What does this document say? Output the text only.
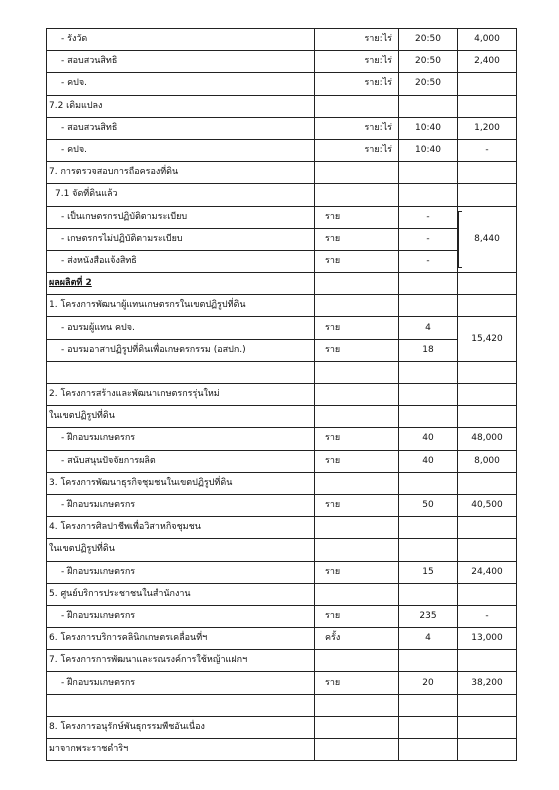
- รังวัด	ราย:ไร่	20:50	4,000
- สอบสวนสิทธิ	ราย:ไร่	20:50	2,400
- คปจ.	ราย:ไร่	20:50	
7.2 เดิมแปลง			
- สอบสวนสิทธิ	ราย:ไร่	10:40	1,200
- คปจ.	ราย:ไร่	10:40	-
7. การตรวจสอบการถือครองที่ดิน			
7.1 จัดที่ดินแล้ว			
- เป็นเกษตรกรปฏิบัติตามระเบียบ	ราย	-	8,440

- เกษตรกรไม่ปฏิบัติตามระเบียบ	ราย	-	
- ส่งหนังสือแจ้งสิทธิ	ราย	-	
ผลผลิตที่ 2			
1. โครงการพัฒนาผู้แทนเกษตรกรในเขตปฏิรูปที่ดิน			
- อบรมผู้แทน คปจ.	ราย	4	15,420
- อบรมอาสาปฏิรูปที่ดินเพื่อเกษตรกรรม (อสปก.)	ราย	18	

2. โครงการสร้างและพัฒนาเกษตรกรรุ่นใหม่			
ในเขตปฏิรูปที่ดิน			
- ฝึกอบรมเกษตรกร	ราย	40	48,000
- สนับสนุนปัจจัยการผลิต	ราย	40	8,000
3. โครงการพัฒนาธุรกิจชุมชนในเขตปฏิรูปที่ดิน			
- ฝึกอบรมเกษตรกร	ราย	50	40,500
4. โครงการศิลปาชีพเพื่อวิสาหกิจชุมชน			
ในเขตปฏิรูปที่ดิน			
- ฝึกอบรมเกษตรกร	ราย	15	24,400
5. ศูนย์บริการประชาชนในสำนักงาน			
- ฝึกอบรมเกษตรกร	ราย	235	-
6. โครงการบริการคลินิกเกษตรเคลื่อนที่ฯ	ครั้ง	4	13,000
7. โครงการการพัฒนาและรณรงค์การใช้หญ้าแฝกฯ			
- ฝึกอบรมเกษตรกร	ราย	20	38,200

8. โครงการอนุรักษ์พันธุกรรมพืชอันเนื่อง			
มาจากพระราชดำริฯ			
